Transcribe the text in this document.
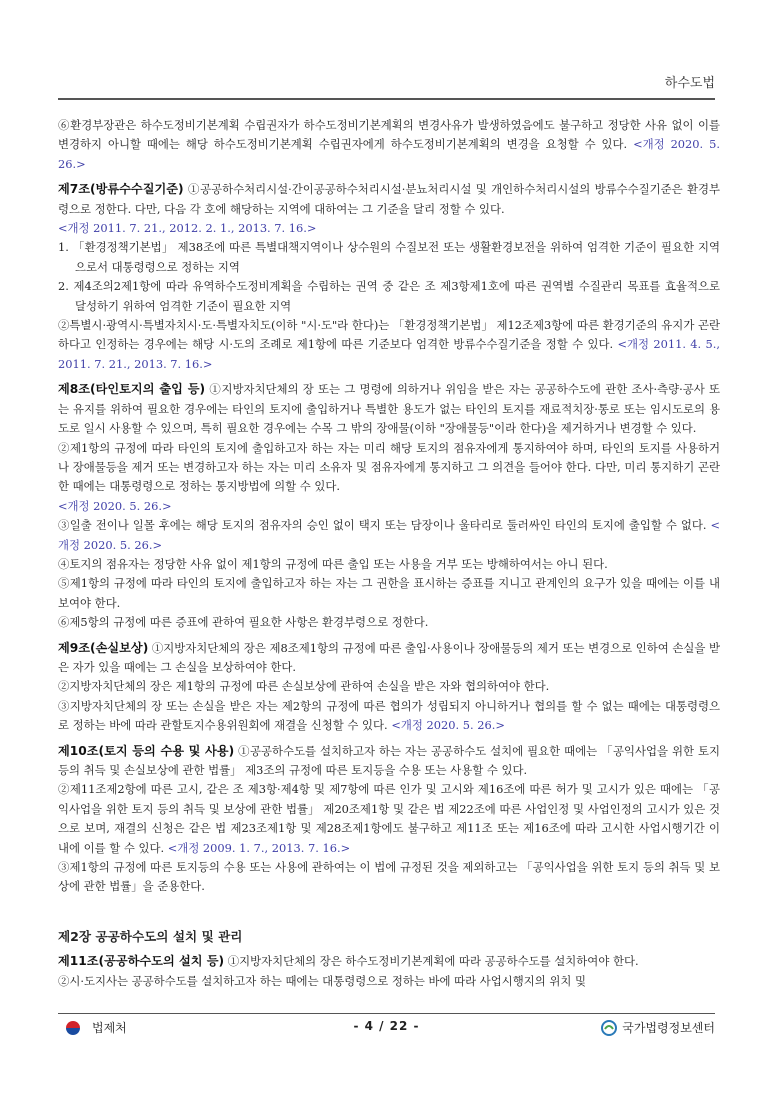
하수도법

⑥환경부장관은 하수도정비기본계획 수립권자가 하수도정비기본계획의 변경사유가 발생하였음에도 불구하고 정당한 사유 없이 이를 변경하지 아니할 때에는 해당 하수도정비기본계획 수립권자에게 하수도정비기본계획의 변경을 요청할 수 있다. <개정 2020. 5. 26.>

제7조(방류수수질기준) ①공공하수처리시설·간이공공하수처리시설·분뇨처리시설 및 개인하수처리시설의 방류수수질기준은 환경부령으로 정한다. 다만, 다음 각 호에 해당하는 지역에 대하여는 그 기준을 달리 정할 수 있다.
<개정 2011. 7. 21., 2012. 2. 1., 2013. 7. 16.>

1. 「환경정책기본법」 제38조에 따른 특별대책지역이나 상수원의 수질보전 또는 생활환경보전을 위하여 엄격한 기준이 필요한 지역으로서 대통령령으로 정하는 지역

2. 제4조의2제1항에 따라 유역하수도정비계획을 수립하는 권역 중 같은 조 제3항제1호에 따른 권역별 수질관리 목표를 효율적으로 달성하기 위하여 엄격한 기준이 필요한 지역

②특별시·광역시·특별자치시·도·특별자치도(이하 "시·도"라 한다)는 「환경정책기본법」 제12조제3항에 따른 환경기준의 유지가 곤란하다고 인정하는 경우에는 해당 시·도의 조례로 제1항에 따른 기준보다 엄격한 방류수수질기준을 정할 수 있다. <개정 2011. 4. 5., 2011. 7. 21., 2013. 7. 16.>

제8조(타인토지의 출입 등) ①지방자치단체의 장 또는 그 명령에 의하거나 위임을 받은 자는 공공하수도에 관한 조사·측량·공사 또는 유지를 위하여 필요한 경우에는 타인의 토지에 출입하거나 특별한 용도가 없는 타인의 토지를 재료적치장·통로 또는 임시도로의 용도로 일시 사용할 수 있으며, 특히 필요한 경우에는 수목 그 밖의 장애물(이하 "장애물등"이라 한다)을 제거하거나 변경할 수 있다.

②제1항의 규정에 따라 타인의 토지에 출입하고자 하는 자는 미리 해당 토지의 점유자에게 통지하여야 하며, 타인의 토지를 사용하거나 장애물등을 제거 또는 변경하고자 하는 자는 미리 소유자 및 점유자에게 통지하고 그 의견을 들어야 한다. 다만, 미리 통지하기 곤란한 때에는 대통령령으로 정하는 통지방법에 의할 수 있다.
<개정 2020. 5. 26.>

③일출 전이나 일몰 후에는 해당 토지의 점유자의 승인 없이 택지 또는 담장이나 울타리로 둘러싸인 타인의 토지에 출입할 수 없다. <개정 2020. 5. 26.>

④토지의 점유자는 정당한 사유 없이 제1항의 규정에 따른 출입 또는 사용을 거부 또는 방해하여서는 아니 된다.

⑤제1항의 규정에 따라 타인의 토지에 출입하고자 하는 자는 그 권한을 표시하는 증표를 지니고 관계인의 요구가 있을 때에는 이를 내보여야 한다.

⑥제5항의 규정에 따른 증표에 관하여 필요한 사항은 환경부령으로 정한다.

제9조(손실보상) ①지방자치단체의 장은 제8조제1항의 규정에 따른 출입·사용이나 장애물등의 제거 또는 변경으로 인하여 손실을 받은 자가 있을 때에는 그 손실을 보상하여야 한다.

②지방자치단체의 장은 제1항의 규정에 따른 손실보상에 관하여 손실을 받은 자와 협의하여야 한다.

③지방자치단체의 장 또는 손실을 받은 자는 제2항의 규정에 따른 협의가 성립되지 아니하거나 협의를 할 수 없는 때에는 대통령령으로 정하는 바에 따라 관할토지수용위원회에 재결을 신청할 수 있다. <개정 2020. 5. 26.>

제10조(토지 등의 수용 및 사용) ①공공하수도를 설치하고자 하는 자는 공공하수도 설치에 필요한 때에는 「공익사업을 위한 토지 등의 취득 및 손실보상에 관한 법률」 제3조의 규정에 따른 토지등을 수용 또는 사용할 수 있다.

②제11조제2항에 따른 고시, 같은 조 제3항·제4항 및 제7항에 따른 인가 및 고시와 제16조에 따른 허가 및 고시가 있은 때에는 「공익사업을 위한 토지 등의 취득 및 보상에 관한 법률」 제20조제1항 및 같은 법 제22조에 따른 사업인정 및 사업인정의 고시가 있은 것으로 보며, 재결의 신청은 같은 법 제23조제1항 및 제28조제1항에도 불구하고 제11조 또는 제16조에 따라 고시한 사업시행기간 이내에 이를 할 수 있다. <개정 2009. 1. 7., 2013. 7. 16.>

③제1항의 규정에 따른 토지등의 수용 또는 사용에 관하여는 이 법에 규정된 것을 제외하고는 「공익사업을 위한 토지 등의 취득 및 보상에 관한 법률」을 준용한다.

제2장 공공하수도의 설치 및 관리

제11조(공공하수도의 설치 등) ①지방자치단체의 장은 하수도정비기본계획에 따라 공공하수도를 설치하여야 한다.

②시·도지사는 공공하수도를 설치하고자 하는 때에는 대통령령으로 정하는 바에 따라 사업시행지의 위치 및

법제처	- 4 / 22 -	국가법령정보센터
